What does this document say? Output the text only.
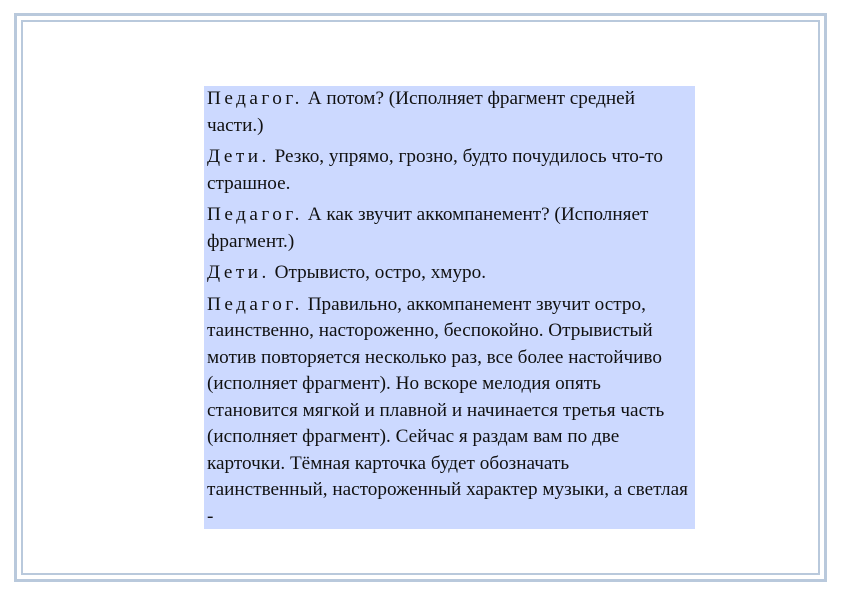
Педагог. А потом? (Исполняет фрагмент средней части.)

Дети. Резко, упрямо, грозно, будто почудилось что-то страшное.

Педагог. А как звучит аккомпанемент? (Исполняет фрагмент.)

Дети. Отрывисто, остро, хмуро.

Педагог. Правильно, аккомпанемент звучит остро, таинственно, настороженно, беспокойно. Отрывистый мотив повторяется несколько раз, все более настойчиво (исполняет фрагмент). Но вскоре мелодия опять становится мягкой и плавной и начинается третья часть (исполняет фрагмент). Сейчас я раздам вам по две карточки. Тёмная карточка будет обозначать таинственный, настороженный характер музыки, а светлая -
